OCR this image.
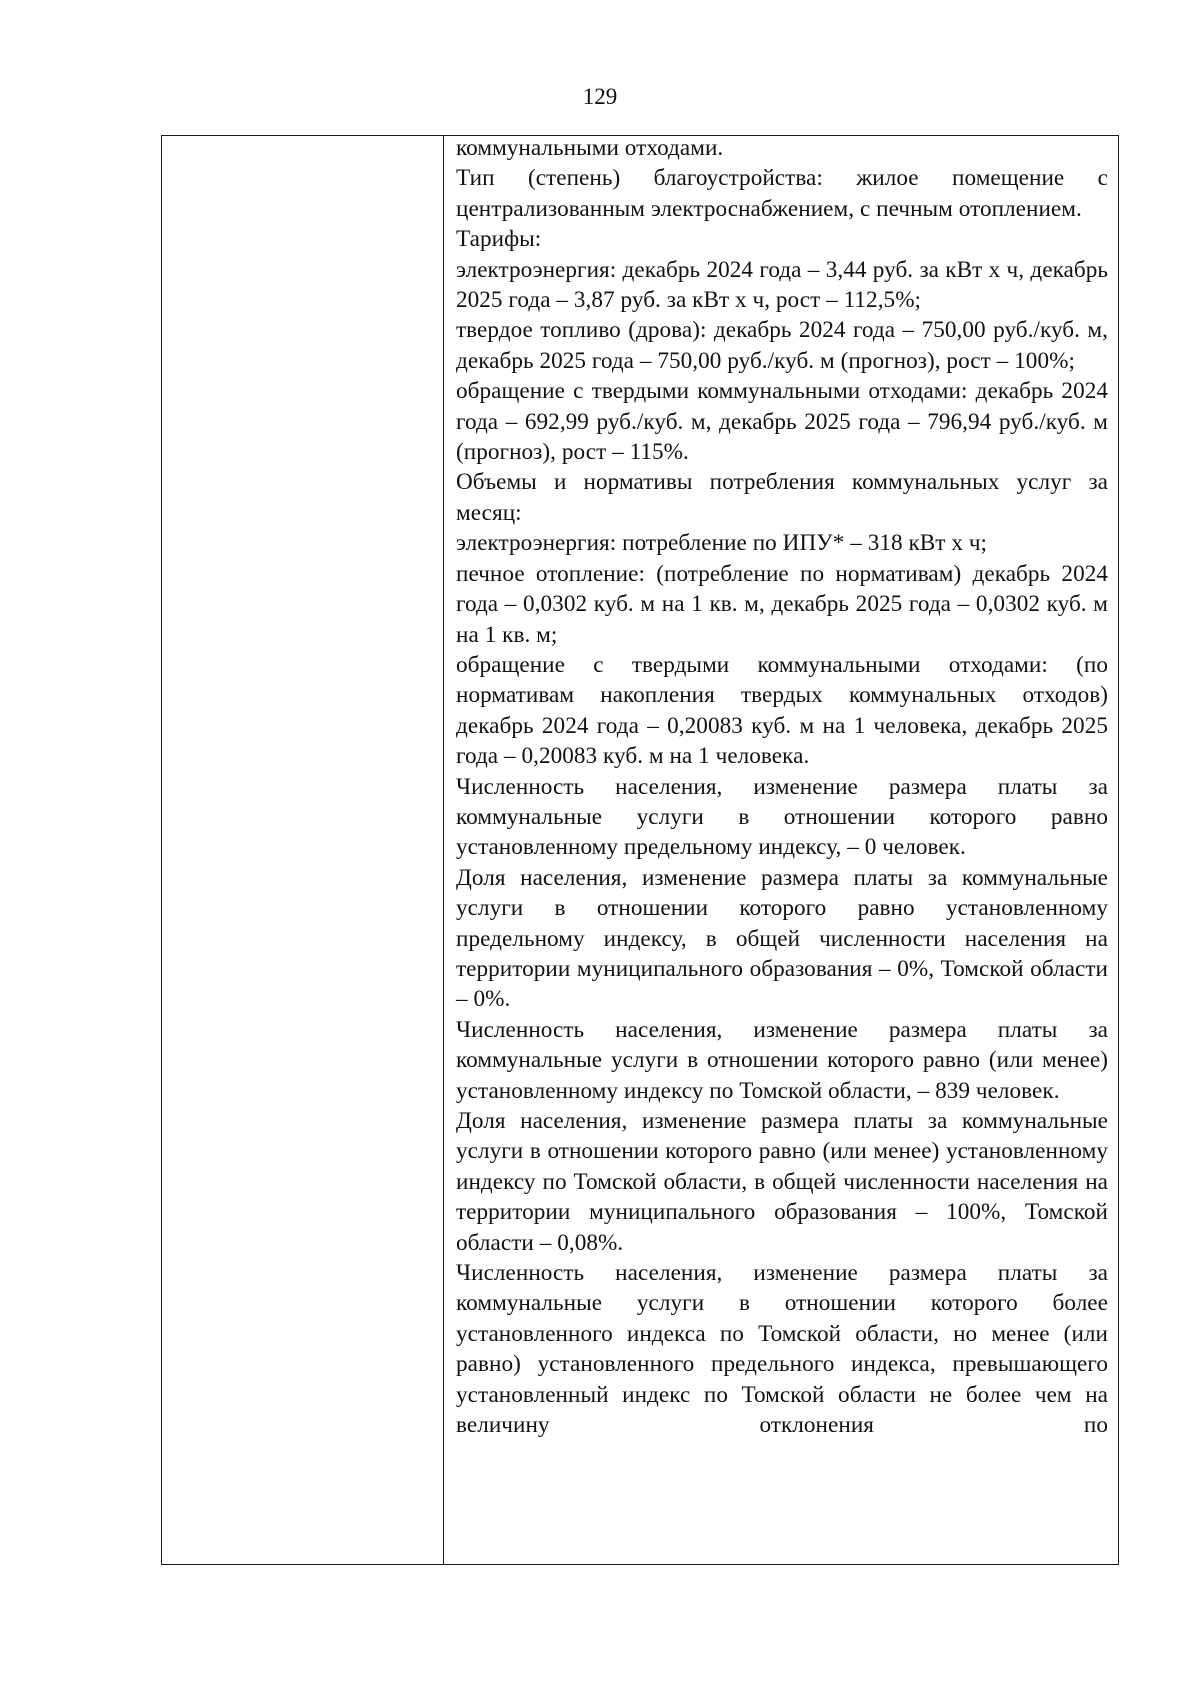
129

коммунальными отходами.

Тип (степень) благоустройства: жилое помещение с централизованным электроснабжением, с печным отоплением.

Тарифы:

электроэнергия: декабрь 2024 года – 3,44 руб. за кВт х ч, декабрь 2025 года – 3,87 руб. за кВт х ч, рост – 112,5%;

твердое топливо (дрова): декабрь 2024 года – 750,00 руб./куб. м, декабрь 2025 года – 750,00 руб./куб. м (прогноз), рост – 100%;

обращение с твердыми коммунальными отходами: декабрь 2024 года – 692,99 руб./куб. м, декабрь 2025 года – 796,94 руб./куб. м (прогноз), рост – 115%.

Объемы и нормативы потребления коммунальных услуг за месяц:

электроэнергия: потребление по ИПУ* – 318 кВт х ч;

печное отопление: (потребление по нормативам) декабрь 2024 года – 0,0302 куб. м на 1 кв. м, декабрь 2025 года – 0,0302 куб. м на 1 кв. м;

обращение с твердыми коммунальными отходами: (по нормативам накопления твердых коммунальных отходов) декабрь 2024 года – 0,20083 куб. м на 1 человека, декабрь 2025 года – 0,20083 куб. м на 1 человека.

Численность населения, изменение размера платы за коммунальные услуги в отношении которого равно установленному предельному индексу, – 0 человек.

Доля населения, изменение размера платы за коммунальные услуги в отношении которого равно установленному предельному индексу, в общей численности населения на территории муниципального образования – 0%, Томской области – 0%.

Численность населения, изменение размера платы за коммунальные услуги в отношении которого равно (или менее) установленному индексу по Томской области, – 839 человек.

Доля населения, изменение размера платы за коммунальные услуги в отношении которого равно (или менее) установленному индексу по Томской области, в общей численности населения на территории муниципального образования – 100%, Томской области – 0,08%.

Численность населения, изменение размера платы за коммунальные услуги в отношении которого более установленного индекса по Томской области, но менее (или равно) установленного предельного индекса, превышающего установленный индекс по Томской области не более чем на величину отклонения по
